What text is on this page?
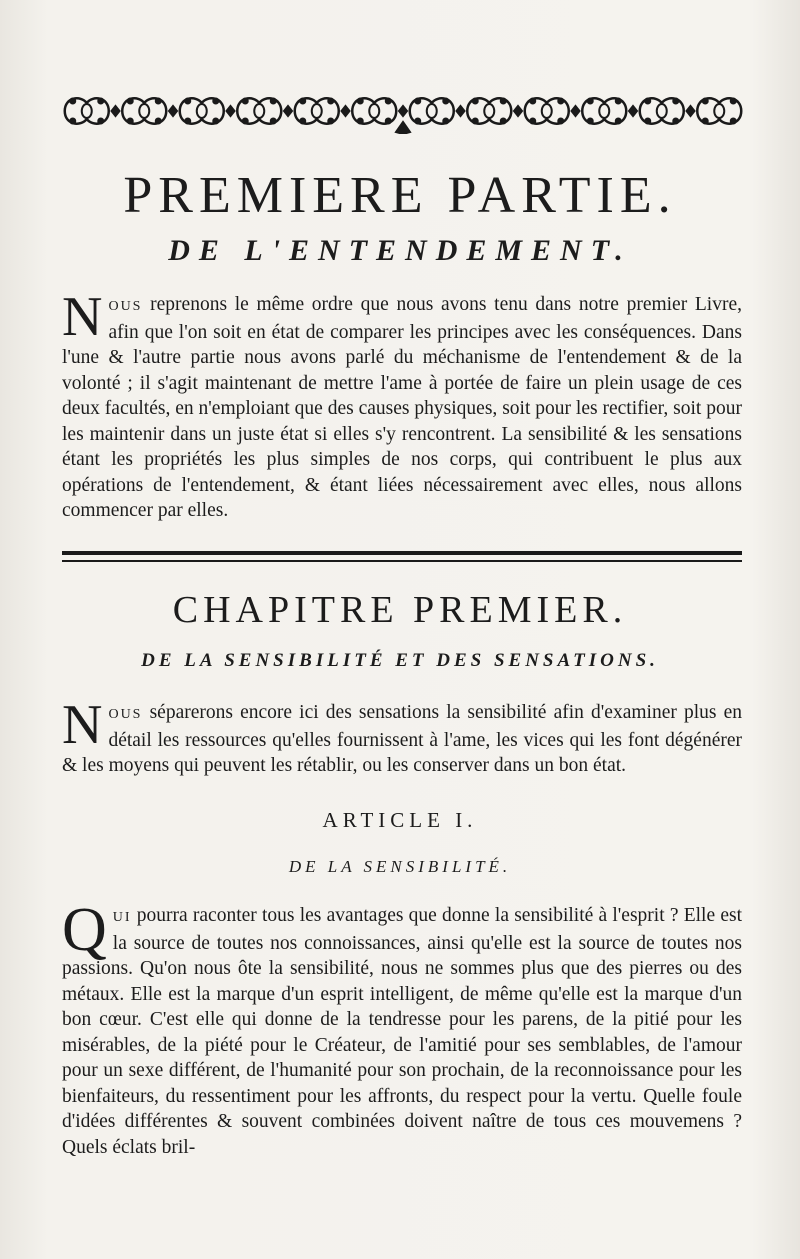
PREMIERE PARTIE.
DE L'ENTENDEMENT.
NOUS reprenons le même ordre que nous avons tenu dans notre premier Livre, afin que l'on soit en état de comparer les principes avec les conséquences. Dans l'une & l'autre partie nous avons parlé du méchanisme de l'entendement & de la volonté ; il s'agit maintenant de mettre l'ame à portée de faire un plein usage de ces deux facultés, en n'emploiant que des causes physiques, soit pour les rectifier, soit pour les maintenir dans un juste état si elles s'y rencontrent. La sensibilité & les sensations étant les propriétés les plus simples de nos corps, qui contribuent le plus aux opérations de l'entendement, & étant liées nécessairement avec elles, nous allons commencer par elles.
CHAPITRE PREMIER.
DE LA SENSIBILITÉ ET DES SENSATIONS.
NOUS séparerons encore ici des sensations la sensibilité afin d'examiner plus en détail les ressources qu'elles fournissent à l'ame, les vices qui les font dégénérer & les moyens qui peuvent les rétablir, ou les conserver dans un bon état.
ARTICLE I.
DE LA SENSIBILITÉ.
QUI pourra raconter tous les avantages que donne la sensibilité à l'esprit ? Elle est la source de toutes nos connoissances, ainsi qu'elle est la source de toutes nos passions. Qu'on nous ôte la sensibilité, nous ne sommes plus que des pierres ou des métaux. Elle est la marque d'un esprit intelligent, de même qu'elle est la marque d'un bon cœur. C'est elle qui donne de la tendresse pour les parens, de la pitié pour les misérables, de la piété pour le Créateur, de l'amitié pour ses semblables, de l'amour pour un sexe différent, de l'humanité pour son prochain, de la reconnoissance pour les bienfaiteurs, du ressentiment pour les affronts, du respect pour la vertu. Quelle foule d'idées différentes & souvent combinées doivent naître de tous ces mouvemens ? Quels éclats bril-
